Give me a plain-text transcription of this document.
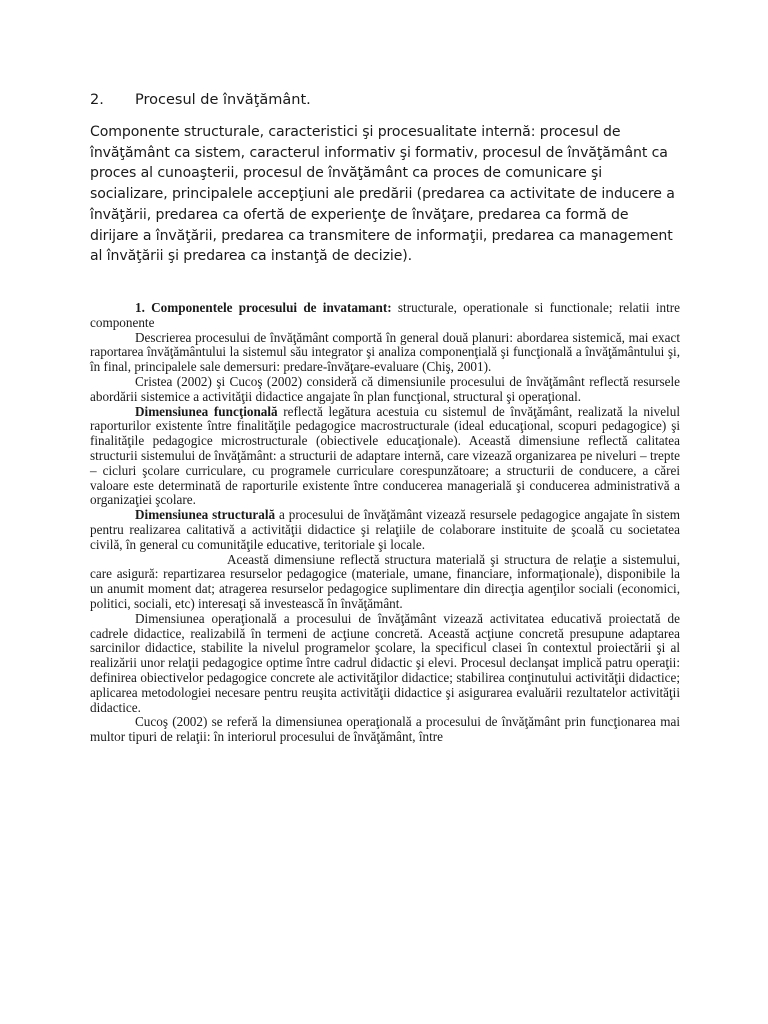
2. Procesul de învăţământ.
Componente structurale, caracteristici şi procesualitate internă: procesul de învăţământ ca sistem, caracterul informativ şi formativ, procesul de învăţământ ca proces al cunoaşterii, procesul de învăţământ ca proces de comunicare şi socializare, principalele accepţiuni ale predării (predarea ca activitate de inducere a învăţării, predarea ca ofertă de experienţe de învăţare, predarea ca formă de dirijare a învăţării, predarea ca transmitere de informaţii, predarea ca management al învăţării şi predarea ca instanţă de decizie).

1. Componentele procesului de invatamant: structurale, operationale si functionale; relatii intre componente

Descrierea procesului de învăţământ comportă în general două planuri: abordarea sistemică, mai exact raportarea învăţământului la sistemul său integrator şi analiza componenţială şi funcţională a învăţământului şi, în final, principalele sale demersuri: predare-învăţare-evaluare (Chiş, 2001).

Cristea (2002) şi Cucoş (2002) consideră că dimensiunile procesului de învăţământ reflectă resursele abordării sistemice a activităţii didactice angajate în plan funcţional, structural şi operaţional.

Dimensiunea funcţională reflectă legătura acestuia cu sistemul de învăţământ, realizată la nivelul raporturilor existente între finalităţile pedagogice macrostructurale (ideal educaţional, scopuri pedagogice) şi finalităţile pedagogice microstructurale (obiectivele educaţionale). Această dimensiune reflectă calitatea structurii sistemului de învăţământ: a structurii de adaptare internă, care vizează organizarea pe niveluri – trepte – cicluri şcolare curriculare, cu programele curriculare corespunzătoare; a structurii de conducere, a cărei valoare este determinată de raporturile existente între conducerea managerială şi conducerea administrativă a organizaţiei şcolare.

Dimensiunea structurală a procesului de învăţământ vizează resursele pedagogice angajate în sistem pentru realizarea calitativă a activităţii didactice şi relaţiile de colaborare instituite de şcoală cu societatea civilă, în general cu comunităţile educative, teritoriale şi locale.

Această dimensiune reflectă structura materială şi structura de relaţie a sistemului, care asigură: repartizarea resurselor pedagogice (materiale, umane, financiare, informaţionale), disponibile la un anumit moment dat; atragerea resurselor pedagogice suplimentare din direcţia agenţilor sociali (economici, politici, sociali, etc) interesaţi să investească în învăţământ.

Dimensiunea operaţională a procesului de învăţământ vizează activitatea educativă proiectată de cadrele didactice, realizabilă în termeni de acţiune concretă. Această acţiune concretă presupune adaptarea sarcinilor didactice, stabilite la nivelul programelor şcolare, la specificul clasei în contextul proiectării şi al realizării unor relaţii pedagogice optime între cadrul didactic şi elevi. Procesul declanşat implică patru operaţii: definirea obiectivelor pedagogice concrete ale activităţilor didactice; stabilirea conţinutului activităţii didactice; aplicarea metodologiei necesare pentru reuşita activităţii didactice şi asigurarea evaluării rezultatelor activităţii didactice.

Cucoş (2002) se referă la dimensiunea operaţională a procesului de învăţământ prin funcţionarea mai multor tipuri de relaţii: în interiorul procesului de învăţământ, între
